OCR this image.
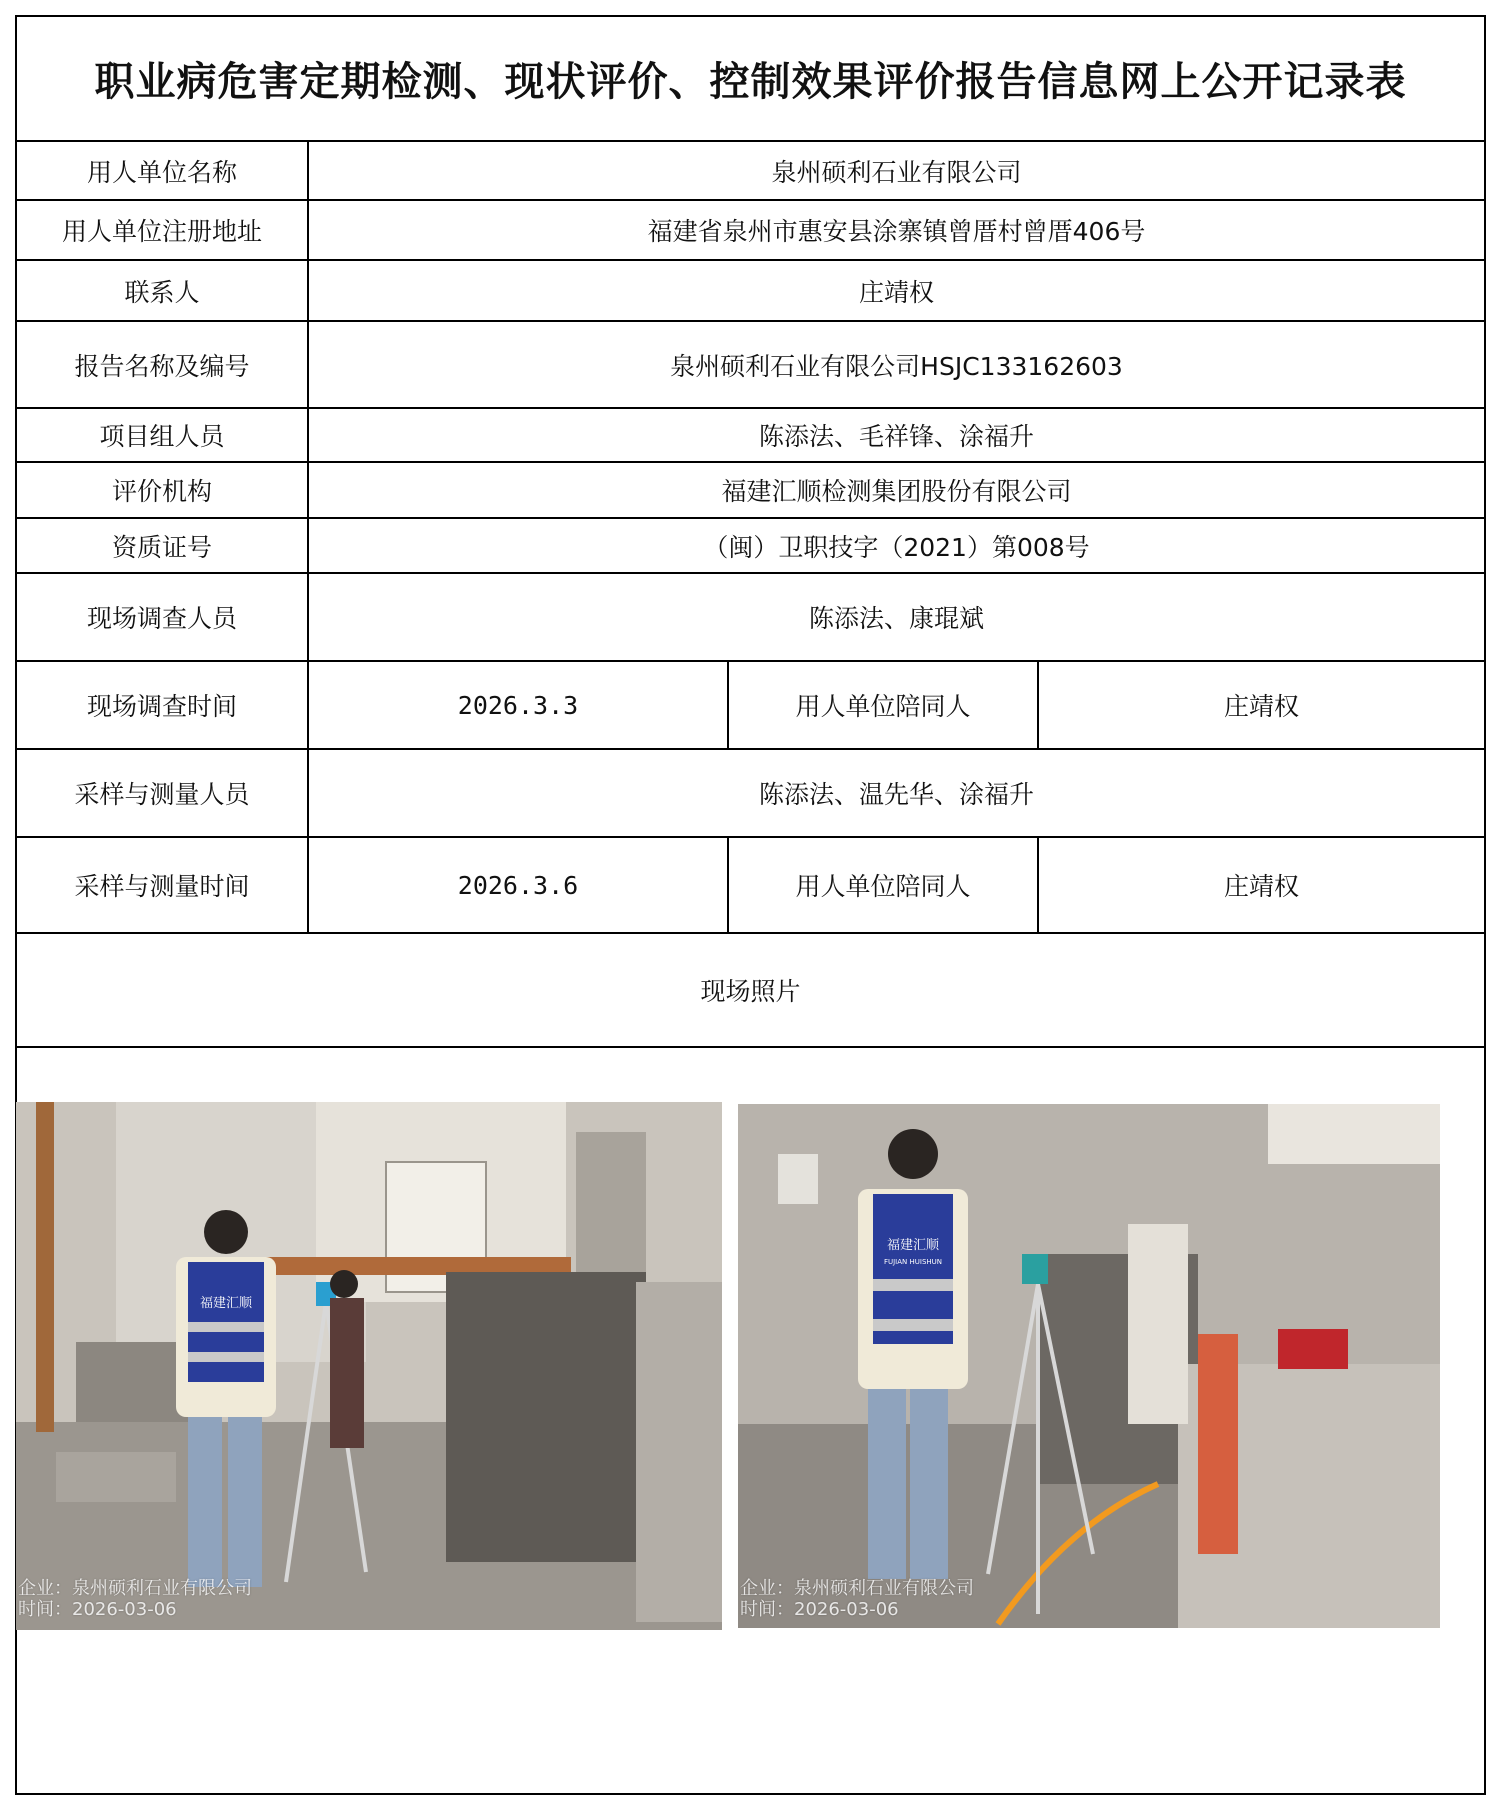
职业病危害定期检测、现状评价、控制效果评价报告信息网上公开记录表
用人单位名称	泉州硕利石业有限公司
用人单位注册地址	福建省泉州市惠安县涂寨镇曾厝村曾厝406号
联系人	庄靖权
报告名称及编号	泉州硕利石业有限公司HSJC133162603
项目组人员	陈添法、毛祥锋、涂福升
评价机构	福建汇顺检测集团股份有限公司
资质证号	（闽）卫职技字（2021）第008号
现场调查人员	陈添法、康琨斌
现场调查时间	2026.3.3	用人单位陪同人	庄靖权
采样与测量人员	陈添法、温先华、涂福升
采样与测量时间	2026.3.6	用人单位陪同人	庄靖权
现场照片
福建汇顺
企业：泉州硕利石业有限公司
时间：2026-03-06
福建汇顺
FUJIAN HUISHUN
企业：泉州硕利石业有限公司
时间：2026-03-06
